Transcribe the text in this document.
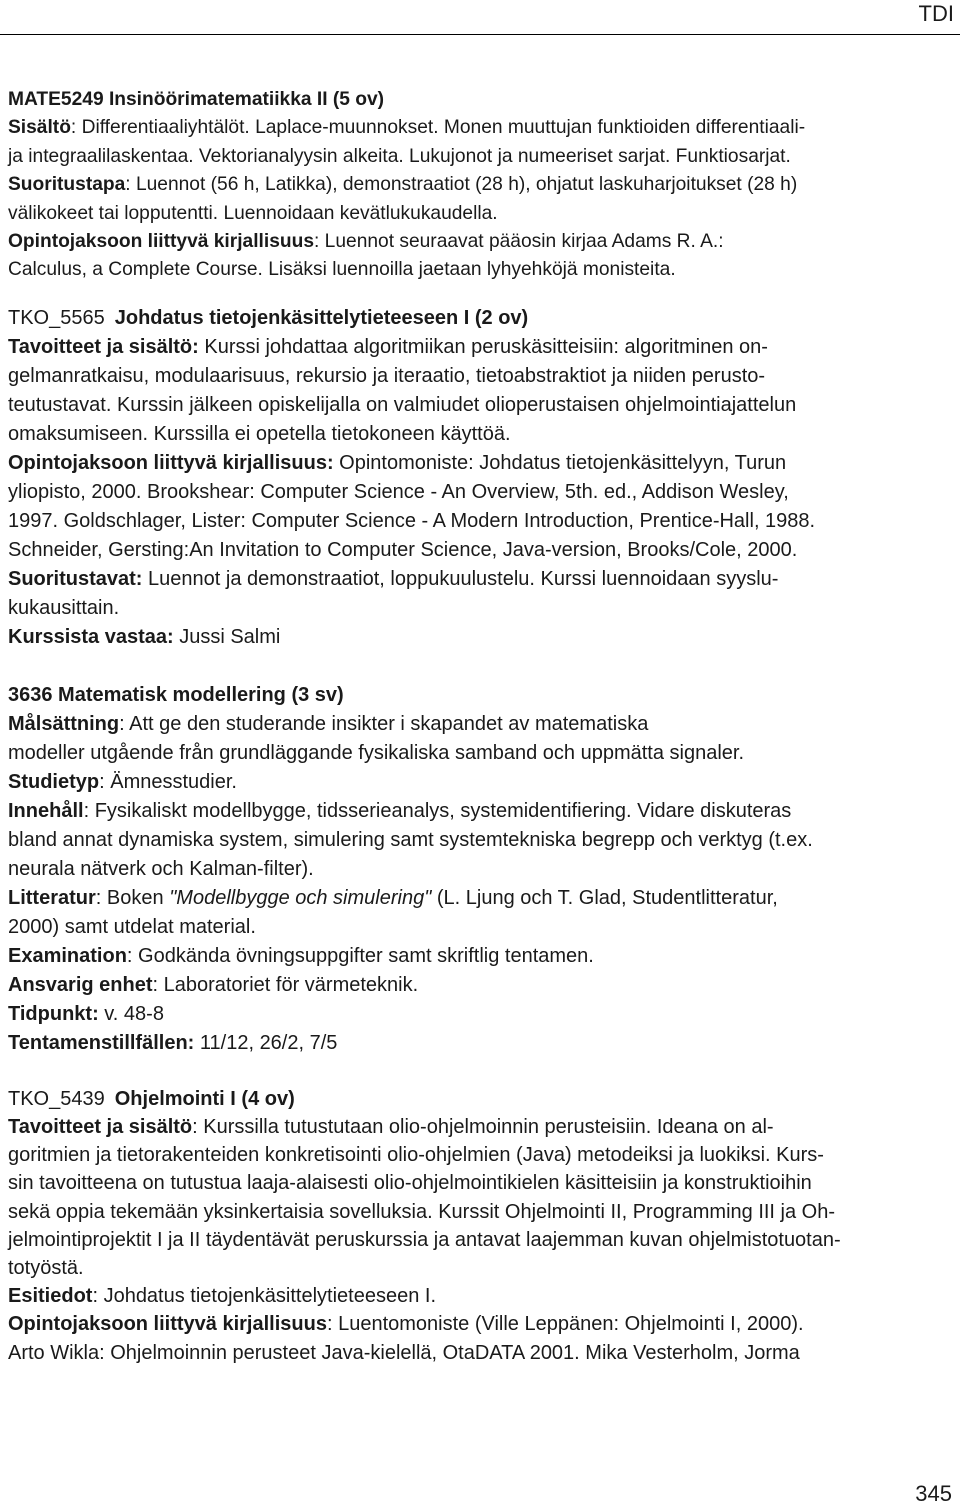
TDI
MATE5249 Insinöörimatematiikka II (5 ov)
Sisältö: Differentiaaliyhtälöt. Laplace-muunnokset. Monen muuttujan funktioiden differentiaali-
ja integraalilaskentaa. Vektorianalyysin alkeita. Lukujonot ja numeeriset sarjat. Funktiosarjat.
Suoritustapa: Luennot (56 h, Latikka), demonstraatiot (28 h), ohjatut laskuharjoitukset (28 h)
välikokeet tai lopputentti. Luennoidaan kevätlukukaudella.
Opintojaksoon liittyvä kirjallisuus: Luennot seuraavat pääosin kirjaa Adams R. A.:
Calculus, a Complete Course. Lisäksi luennoilla jaetaan lyhyehköjä monisteita.
TKO_5565 Johdatus tietojenkäsittelytieteeseen I (2 ov)
Tavoitteet ja sisältö: Kurssi johdattaa algoritmiikan peruskäsitteisiin: algoritminen on-
gelmanratkaisu, modulaarisuus, rekursio ja iteraatio, tietoabstraktiot ja niiden perusto-
teutustavat. Kurssin jälkeen opiskelijalla on valmiudet olioperustaisen ohjelmointiajattelun
omaksumiseen. Kurssilla ei opetella tietokoneen käyttöä.
Opintojaksoon liittyvä kirjallisuus: Opintomoniste: Johdatus tietojenkäsittelyyn, Turun
yliopisto, 2000. Brookshear: Computer Science - An Overview, 5th. ed., Addison Wesley,
1997. Goldschlager, Lister: Computer Science - A Modern Introduction, Prentice-Hall, 1988.
Schneider, Gersting:An Invitation to Computer Science, Java-version, Brooks/Cole, 2000.
Suoritustavat: Luennot ja demonstraatiot, loppukuulustelu. Kurssi luennoidaan syyslu-
kukausittain.
Kurssista vastaa: Jussi Salmi
3636 Matematisk modellering (3 sv)
Målsättning: Att ge den studerande insikter i skapandet av matematiska
modeller utgående från grundläggande fysikaliska samband och uppmätta signaler.
Studietyp: Ämnesstudier.
Innehåll: Fysikaliskt modellbygge, tidsserieanalys, systemidentifiering. Vidare diskuteras
bland annat dynamiska system, simulering samt systemtekniska begrepp och verktyg (t.ex.
neurala nätverk och Kalman-filter).
Litteratur: Boken "Modellbygge och simulering" (L. Ljung och T. Glad, Studentlitteratur,
2000) samt utdelat material.
Examination: Godkända övningsuppgifter samt skriftlig tentamen.
Ansvarig enhet: Laboratoriet för värmeteknik.
Tidpunkt: v. 48-8
Tentamenstillfällen: 11/12, 26/2, 7/5
TKO_5439 Ohjelmointi I (4 ov)
Tavoitteet ja sisältö: Kurssilla tutustutaan olio-ohjelmoinnin perusteisiin. Ideana on al-
goritmien ja tietorakenteiden konkretisointi olio-ohjelmien (Java) metodeiksi ja luokiksi. Kurs-
sin tavoitteena on tutustua laaja-alaisesti olio-ohjelmointikielen käsitteisiin ja konstruktioihin
sekä oppia tekemään yksinkertaisia sovelluksia. Kurssit Ohjelmointi II, Programming III ja Oh-
jelmointiprojektit I ja II täydentävät peruskurssia ja antavat laajemman kuvan ohjelmistotuotan-
totyöstä.
Esitiedot: Johdatus tietojenkäsittelytieteeseen I.
Opintojaksoon liittyvä kirjallisuus: Luentomoniste (Ville Leppänen: Ohjelmointi I, 2000).
Arto Wikla: Ohjelmoinnin perusteet Java-kielellä, OtaDATA 2001. Mika Vesterholm, Jorma
345
